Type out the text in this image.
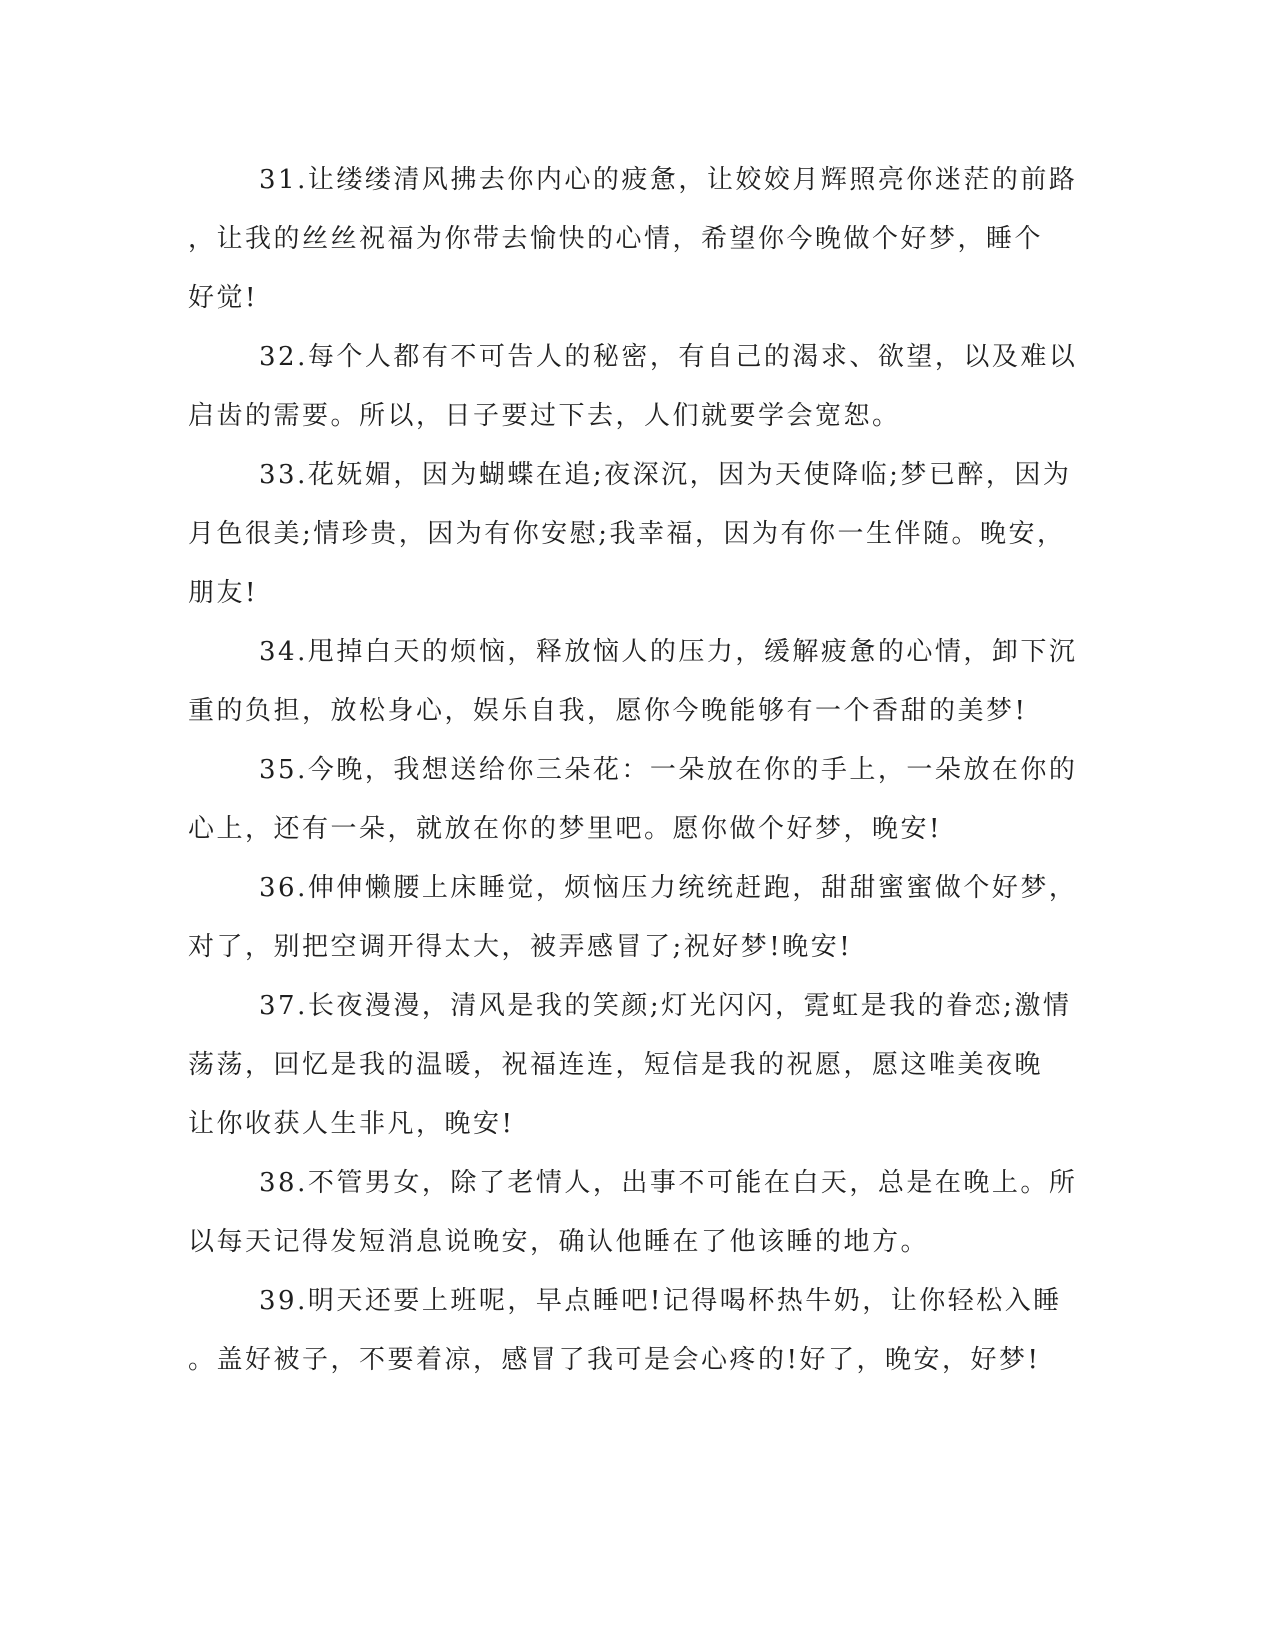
31.让缕缕清风拂去你内心的疲惫，让姣姣月辉照亮你迷茫的前路

，让我的丝丝祝福为你带去愉快的心情，希望你今晚做个好梦，睡个

好觉!

32.每个人都有不可告人的秘密，有自己的渴求、欲望，以及难以

启齿的需要。所以，日子要过下去，人们就要学会宽恕。

33.花妩媚，因为蝴蝶在追;夜深沉，因为天使降临;梦已醉，因为

月色很美;情珍贵，因为有你安慰;我幸福，因为有你一生伴随。晚安，

朋友!

34.甩掉白天的烦恼，释放恼人的压力，缓解疲惫的心情，卸下沉

重的负担，放松身心，娱乐自我，愿你今晚能够有一个香甜的美梦!

35.今晚，我想送给你三朵花：一朵放在你的手上，一朵放在你的

心上，还有一朵，就放在你的梦里吧。愿你做个好梦，晚安!

36.伸伸懒腰上床睡觉，烦恼压力统统赶跑，甜甜蜜蜜做个好梦，

对了，别把空调开得太大，被弄感冒了;祝好梦!晚安!

37.长夜漫漫，清风是我的笑颜;灯光闪闪，霓虹是我的眷恋;激情

荡荡，回忆是我的温暖，祝福连连，短信是我的祝愿，愿这唯美夜晚

让你收获人生非凡，晚安!

38.不管男女，除了老情人，出事不可能在白天，总是在晚上。所

以每天记得发短消息说晚安，确认他睡在了他该睡的地方。

39.明天还要上班呢，早点睡吧!记得喝杯热牛奶，让你轻松入睡

。盖好被子，不要着凉，感冒了我可是会心疼的!好了，晚安，好梦!
